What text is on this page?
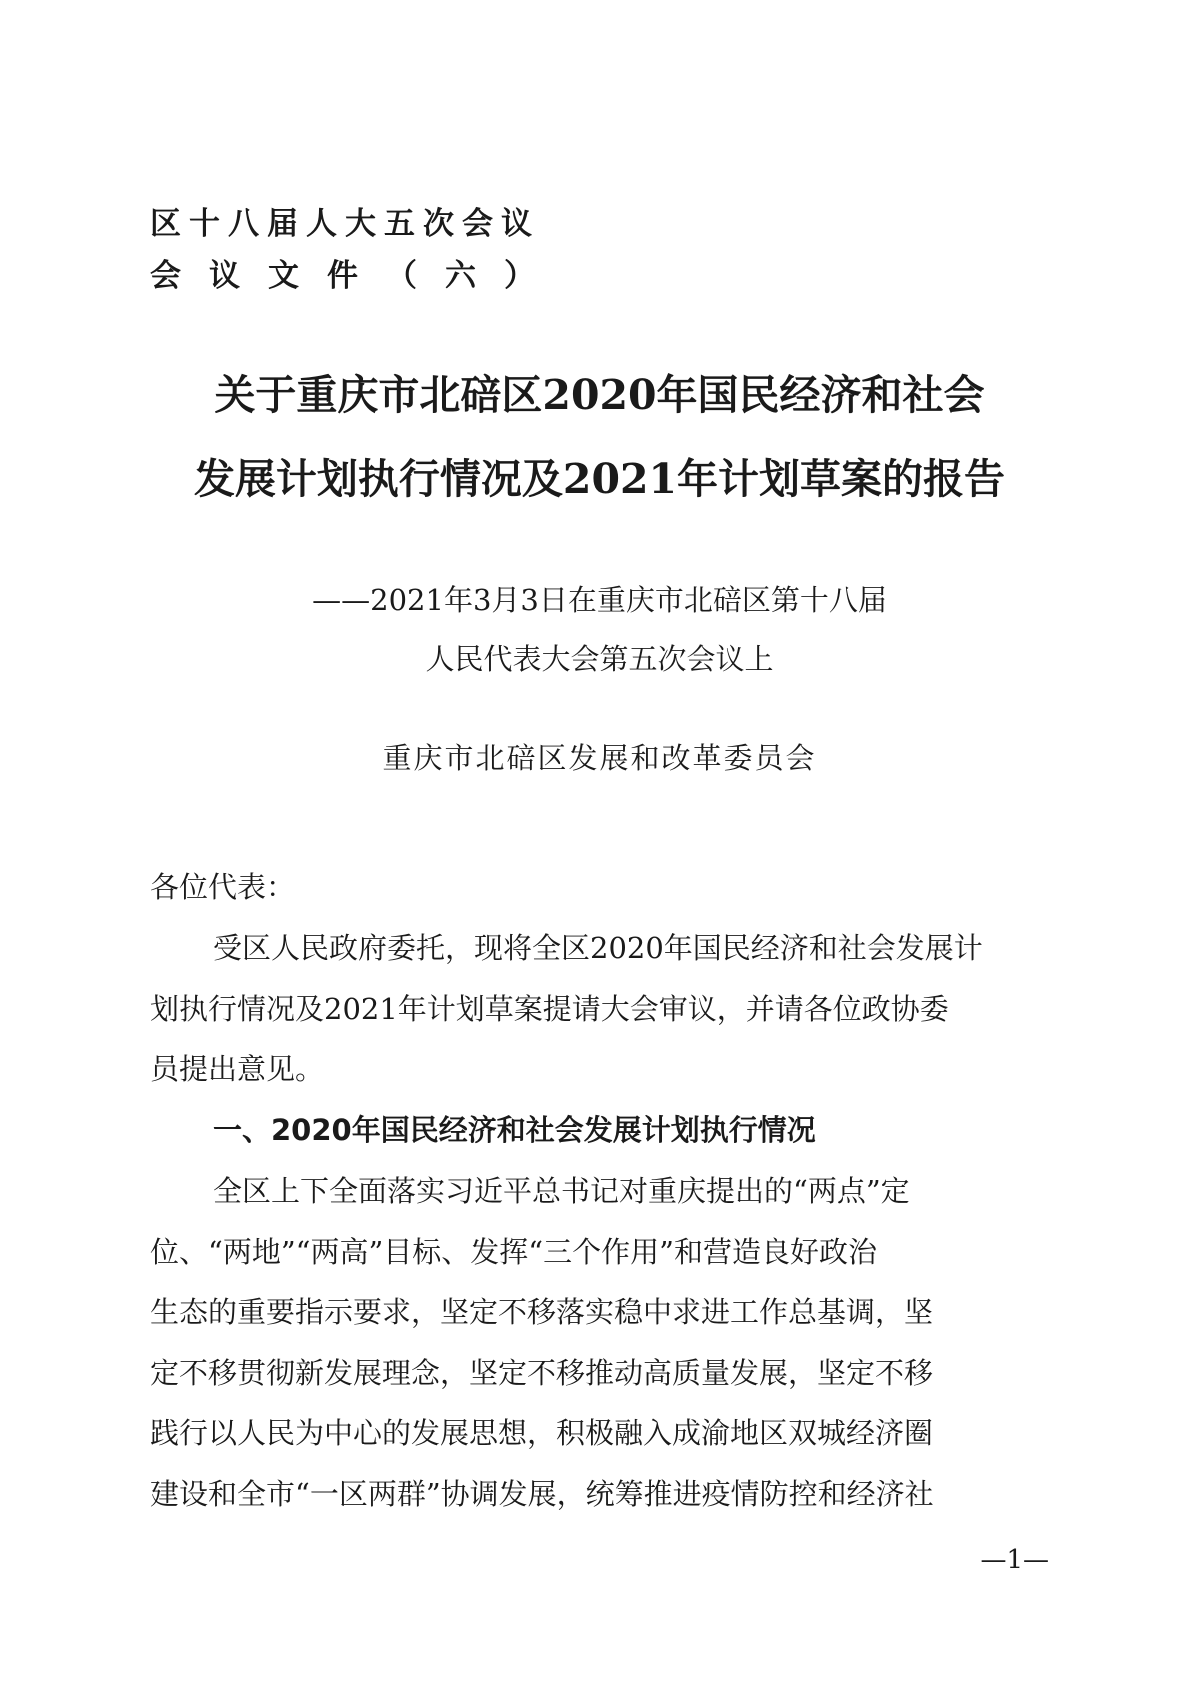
区十八届人大五次会议
会议文件（六）
关于重庆市北碚区2020年国民经济和社会
发展计划执行情况及2021年计划草案的报告
——2021年3月3日在重庆市北碚区第十八届
人民代表大会第五次会议上
重庆市北碚区发展和改革委员会
各位代表：
受区人民政府委托，现将全区2020年国民经济和社会发展计
划执行情况及2021年计划草案提请大会审议，并请各位政协委
员提出意见。
一、2020年国民经济和社会发展计划执行情况
全区上下全面落实习近平总书记对重庆提出的“两点”定
位、“两地”“两高”目标、发挥“三个作用”和营造良好政治
生态的重要指示要求，坚定不移落实稳中求进工作总基调，坚
定不移贯彻新发展理念，坚定不移推动高质量发展，坚定不移
践行以人民为中心的发展思想，积极融入成渝地区双城经济圈
建设和全市“一区两群”协调发展，统筹推进疫情防控和经济社
—1—
